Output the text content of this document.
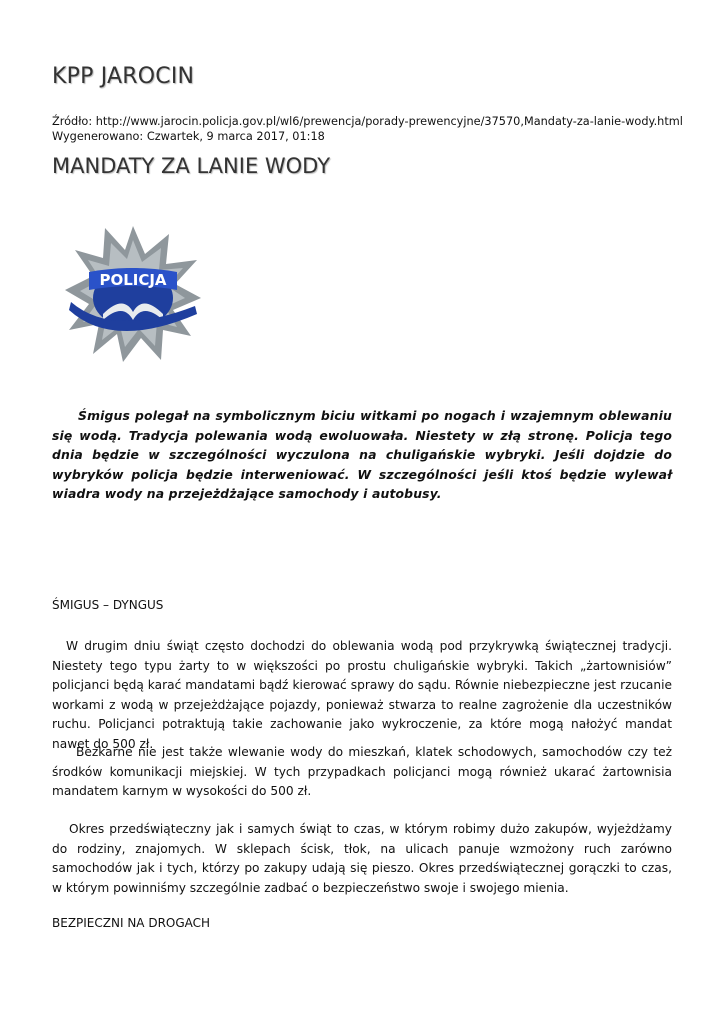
KPP JAROCIN
Źródło: http://www.jarocin.policja.gov.pl/wl6/prewencja/porady-prewencyjne/37570,Mandaty-za-lanie-wody.html
Wygenerowano: Czwartek, 9 marca 2017, 01:18
MANDATY ZA LANIE WODY
POLICJA

Śmigus polegał na symbolicznym biciu witkami po nogach i wzajemnym oblewaniu się wodą. Tradycja polewania wodą ewoluowała. Niestety w złą stronę. Policja tego dnia będzie w szczególności wyczulona na chuligańskie wybryki. Jeśli dojdzie do wybryków policja będzie interweniować. W szczególności jeśli ktoś będzie wylewał wiadra wody na przejeżdżające samochody i autobusy.

ŚMIGUS – DYNGUS

W drugim dniu świąt często dochodzi do oblewania wodą pod przykrywką świątecznej tradycji. Niestety tego typu żarty to w większości po prostu chuligańskie wybryki. Takich „żartownisiów” policjanci będą karać mandatami bądź kierować sprawy do sądu. Równie niebezpieczne jest rzucanie workami z wodą w przejeżdżające pojazdy, ponieważ stwarza to realne zagrożenie dla uczestników ruchu. Policjanci potraktują takie zachowanie jako wykroczenie, za które mogą nałożyć mandat nawet do 500 zł.

Bezkarne nie jest także wlewanie wody do mieszkań, klatek schodowych, samochodów czy też środków komunikacji miejskiej. W tych przypadkach policjanci mogą również ukarać żartownisia mandatem karnym w wysokości do 500 zł.

Okres przedświąteczny jak i samych świąt to czas, w którym robimy dużo zakupów, wyjeżdżamy do rodziny, znajomych. W sklepach ścisk, tłok, na ulicach panuje wzmożony ruch zarówno samochodów jak i tych, którzy po zakupy udają się pieszo. Okres przedświątecznej gorączki to czas, w którym powinniśmy szczególnie zadbać o bezpieczeństwo swoje i swojego mienia.

BEZPIECZNI NA DROGACH
